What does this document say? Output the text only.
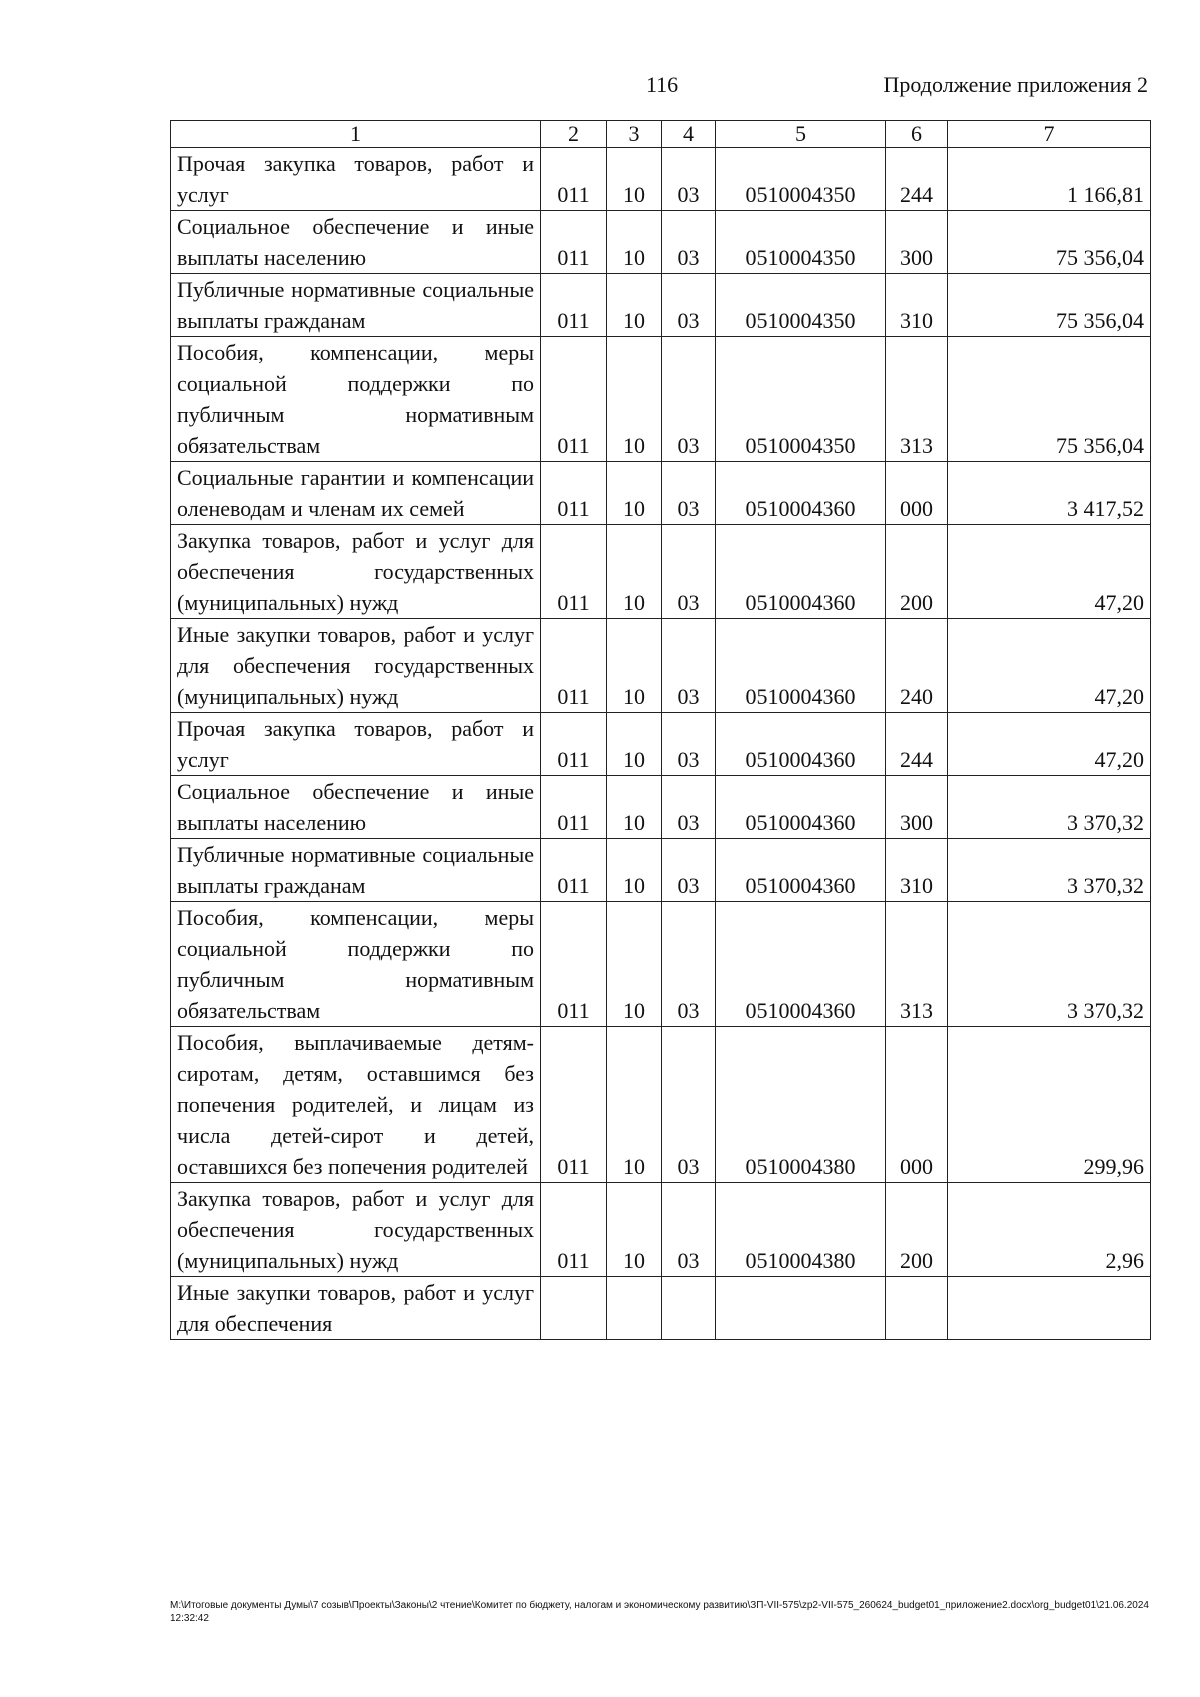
116	Продолжение приложения 2
1	2	3	4	5	6	7
Прочая закупка товаров, работ и услуг	011	10	03	0510004350	244	1 166,81
Социальное обеспечение и иные выплаты населению	011	10	03	0510004350	300	75 356,04
Публичные нормативные социальные выплаты гражданам	011	10	03	0510004350	310	75 356,04
Пособия, компенсации, меры социальной поддержки по публичным нормативным обязательствам	011	10	03	0510004350	313	75 356,04
Социальные гарантии и компенсации оленеводам и членам их семей	011	10	03	0510004360	000	3 417,52
Закупка товаров, работ и услуг для обеспечения государственных (муниципальных) нужд	011	10	03	0510004360	200	47,20
Иные закупки товаров, работ и услуг для обеспечения государственных (муниципальных) нужд	011	10	03	0510004360	240	47,20
Прочая закупка товаров, работ и услуг	011	10	03	0510004360	244	47,20
Социальное обеспечение и иные выплаты населению	011	10	03	0510004360	300	3 370,32
Публичные нормативные социальные выплаты гражданам	011	10	03	0510004360	310	3 370,32
Пособия, компенсации, меры социальной поддержки по публичным нормативным обязательствам	011	10	03	0510004360	313	3 370,32
Пособия, выплачиваемые детям-сиротам, детям, оставшимся без попечения родителей, и лицам из числа детей-сирот и детей, оставшихся без попечения родителей	011	10	03	0510004380	000	299,96
Закупка товаров, работ и услуг для обеспечения государственных (муниципальных) нужд	011	10	03	0510004380	200	2,96
Иные закупки товаров, работ и услуг для обеспечения						
M:\Итоговые документы Думы\7 созыв\Проекты\Законы\2 чтение\Комитет по бюджету, налогам и экономическому развитию\ЗП-VII-575\zp2-VII-575_260624_budget01_приложение2.docx\org_budget01\21.06.2024 12:32:42
